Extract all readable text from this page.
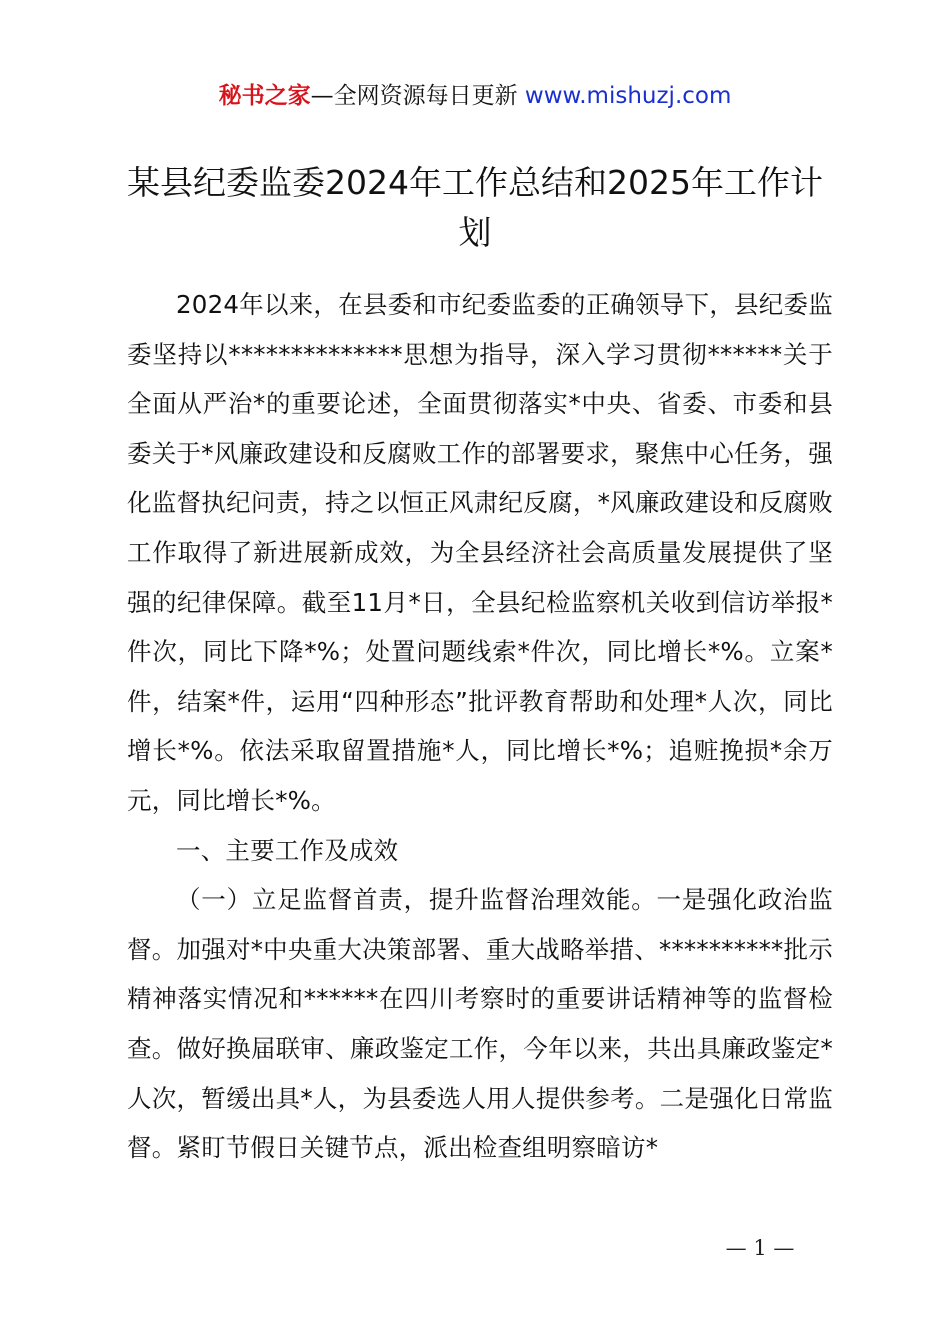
秘书之家—全网资源每日更新 www.mishuzj.com
某县纪委监委2024年工作总结和2025年工作计划

2024年以来，在县委和市纪委监委的正确领导下，县纪委监委坚持以**************思想为指导，深入学习贯彻******关于全面从严治*的重要论述，全面贯彻落实*中央、省委、市委和县委关于*风廉政建设和反腐败工作的部署要求，聚焦中心任务，强化监督执纪问责，持之以恒正风肃纪反腐，*风廉政建设和反腐败工作取得了新进展新成效，为全县经济社会高质量发展提供了坚强的纪律保障。截至11月*日，全县纪检监察机关收到信访举报*件次，同比下降*%；处置问题线索*件次，同比增长*%。立案*件，结案*件，运用“四种形态”批评教育帮助和处理*人次，同比增长*%。依法采取留置措施*人，同比增长*%；追赃挽损*余万元，同比增长*%。

一、主要工作及成效

（一）立足监督首责，提升监督治理效能。一是强化政治监督。加强对*中央重大决策部署、重大战略举措、**********批示精神落实情况和******在四川考察时的重要讲话精神等的监督检查。做好换届联审、廉政鉴定工作，今年以来，共出具廉政鉴定*人次，暂缓出具*人，为县委选人用人提供参考。二是强化日常监督。紧盯节假日关键节点，派出检查组明察暗访*

— 1 —
